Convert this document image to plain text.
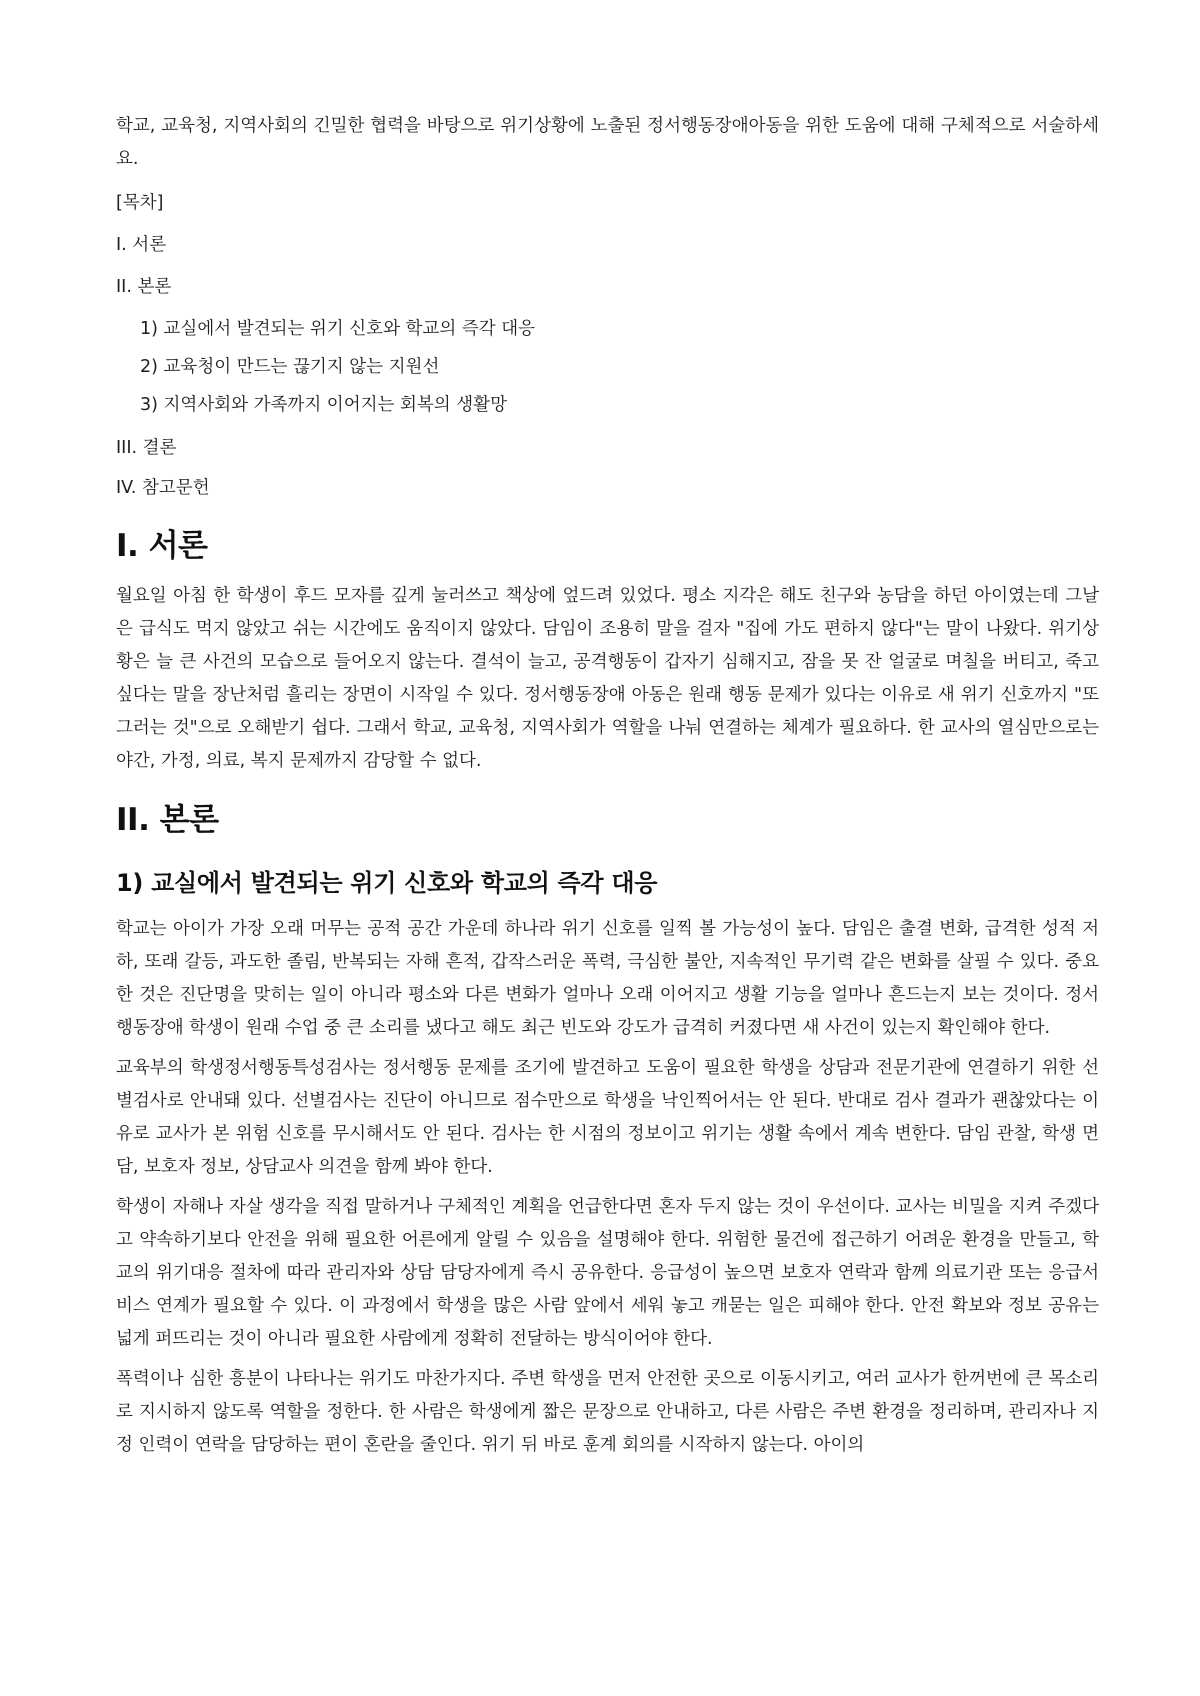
학교, 교육청, 지역사회의 긴밀한 협력을 바탕으로 위기상황에 노출된 정서행동장애아동을 위한 도움에 대해 구체적으로 서술하세요.

[목차]

I. 서론

II. 본론

1) 교실에서 발견되는 위기 신호와 학교의 즉각 대응

2) 교육청이 만드는 끊기지 않는 지원선

3) 지역사회와 가족까지 이어지는 회복의 생활망

III. 결론

IV. 참고문헌

I. 서론

월요일 아침 한 학생이 후드 모자를 깊게 눌러쓰고 책상에 엎드려 있었다. 평소 지각은 해도 친구와 농담을 하던 아이였는데 그날은 급식도 먹지 않았고 쉬는 시간에도 움직이지 않았다. 담임이 조용히 말을 걸자 "집에 가도 편하지 않다"는 말이 나왔다. 위기상황은 늘 큰 사건의 모습으로 들어오지 않는다. 결석이 늘고, 공격행동이 갑자기 심해지고, 잠을 못 잔 얼굴로 며칠을 버티고, 죽고 싶다는 말을 장난처럼 흘리는 장면이 시작일 수 있다. 정서행동장애 아동은 원래 행동 문제가 있다는 이유로 새 위기 신호까지 "또 그러는 것"으로 오해받기 쉽다. 그래서 학교, 교육청, 지역사회가 역할을 나눠 연결하는 체계가 필요하다. 한 교사의 열심만으로는 야간, 가정, 의료, 복지 문제까지 감당할 수 없다.

II. 본론
1) 교실에서 발견되는 위기 신호와 학교의 즉각 대응

학교는 아이가 가장 오래 머무는 공적 공간 가운데 하나라 위기 신호를 일찍 볼 가능성이 높다. 담임은 출결 변화, 급격한 성적 저하, 또래 갈등, 과도한 졸림, 반복되는 자해 흔적, 갑작스러운 폭력, 극심한 불안, 지속적인 무기력 같은 변화를 살필 수 있다. 중요한 것은 진단명을 맞히는 일이 아니라 평소와 다른 변화가 얼마나 오래 이어지고 생활 기능을 얼마나 흔드는지 보는 것이다. 정서행동장애 학생이 원래 수업 중 큰 소리를 냈다고 해도 최근 빈도와 강도가 급격히 커졌다면 새 사건이 있는지 확인해야 한다.

교육부의 학생정서행동특성검사는 정서행동 문제를 조기에 발견하고 도움이 필요한 학생을 상담과 전문기관에 연결하기 위한 선별검사로 안내돼 있다. 선별검사는 진단이 아니므로 점수만으로 학생을 낙인찍어서는 안 된다. 반대로 검사 결과가 괜찮았다는 이유로 교사가 본 위험 신호를 무시해서도 안 된다. 검사는 한 시점의 정보이고 위기는 생활 속에서 계속 변한다. 담임 관찰, 학생 면담, 보호자 정보, 상담교사 의견을 함께 봐야 한다.

학생이 자해나 자살 생각을 직접 말하거나 구체적인 계획을 언급한다면 혼자 두지 않는 것이 우선이다. 교사는 비밀을 지켜 주겠다고 약속하기보다 안전을 위해 필요한 어른에게 알릴 수 있음을 설명해야 한다. 위험한 물건에 접근하기 어려운 환경을 만들고, 학교의 위기대응 절차에 따라 관리자와 상담 담당자에게 즉시 공유한다. 응급성이 높으면 보호자 연락과 함께 의료기관 또는 응급서비스 연계가 필요할 수 있다. 이 과정에서 학생을 많은 사람 앞에서 세워 놓고 캐묻는 일은 피해야 한다. 안전 확보와 정보 공유는 넓게 퍼뜨리는 것이 아니라 필요한 사람에게 정확히 전달하는 방식이어야 한다.

폭력이나 심한 흥분이 나타나는 위기도 마찬가지다. 주변 학생을 먼저 안전한 곳으로 이동시키고, 여러 교사가 한꺼번에 큰 목소리로 지시하지 않도록 역할을 정한다. 한 사람은 학생에게 짧은 문장으로 안내하고, 다른 사람은 주변 환경을 정리하며, 관리자나 지정 인력이 연락을 담당하는 편이 혼란을 줄인다. 위기 뒤 바로 훈계 회의를 시작하지 않는다. 아이의
